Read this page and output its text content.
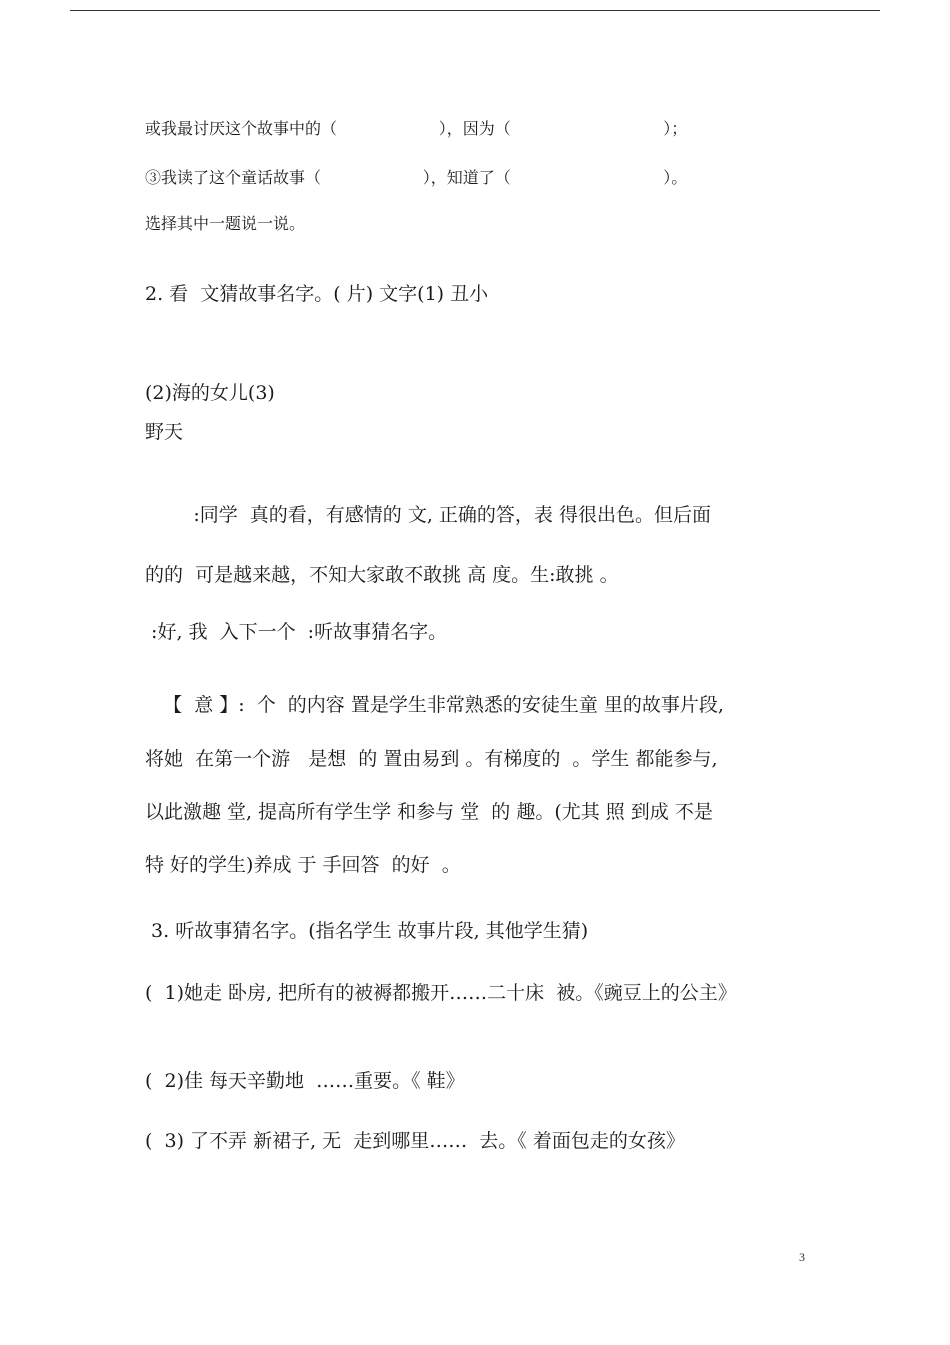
或我最讨厌这个故事中的（                    ），因为（                              ）；
③我读了这个童话故事（                    ），知道了（                              ）。
选择其中一题说一说。
2. 看  文猜故事名字。( 片) 文字(1) 丑小
(2)海的女儿(3)
野天
:同学  真的看，有感情的 文, 正确的答，表 得很出色。但后面
的的  可是越来越，不知大家敢不敢挑 高 度。生:敢挑 。
:好, 我  入下一个  :听故事猜名字。
【  意 】:  个  的内容 置是学生非常熟悉的安徒生童 里的故事片段,
将她  在第一个游   是想  的 置由易到 。有梯度的  。学生 都能参与,
以此激趣 堂, 提高所有学生学 和参与 堂  的 趣。(尤其 照 到成 不是
特 好的学生)养成 于 手回答  的好  。
3. 听故事猜名字。(指名学生 故事片段, 其他学生猜)
(  1)她走 卧房, 把所有的被褥都搬开……二十床  被。《豌豆上的公主》
(  2)佳 每天辛勤地  ……重要。《 鞋》
(  3) 了不弄 新裙子, 无  走到哪里……  去。《 着面包走的女孩》
3
